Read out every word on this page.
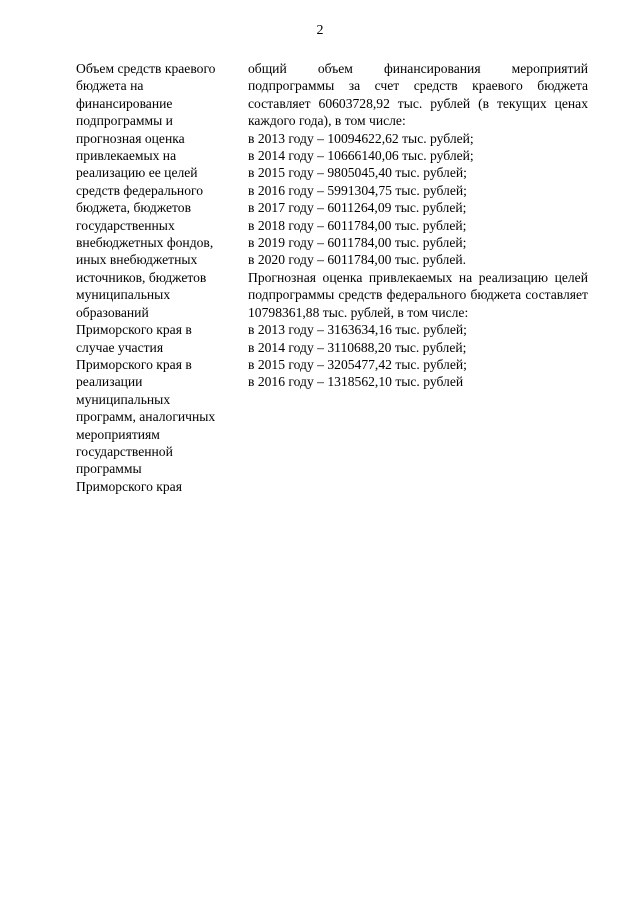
2
Объем средств краевого
бюджета на
финансирование
подпрограммы и
прогнозная оценка
привлекаемых на
реализацию ее целей
средств федерального
бюджета, бюджетов
государственных
внебюджетных фондов,
иных внебюджетных
источников, бюджетов
муниципальных
образований
Приморского края в
случае участия
Приморского края в
реализации
муниципальных
программ, аналогичных
мероприятиям
государственной
программы
Приморского края
общий объем финансирования мероприятий подпрограммы за счет средств краевого бюджета составляет 60603728,92 тыс. рублей (в текущих ценах каждого года), в том числе:
в 2013 году – 10094622,62 тыс. рублей;
в 2014 году – 10666140,06 тыс. рублей;
в 2015 году – 9805045,40 тыс. рублей;
в 2016 году – 5991304,75 тыс. рублей;
в 2017 году – 6011264,09 тыс. рублей;
в 2018 году – 6011784,00 тыс. рублей;
в 2019 году – 6011784,00 тыс. рублей;
в 2020 году – 6011784,00 тыс. рублей.
Прогнозная оценка привлекаемых на реализацию целей подпрограммы средств федерального бюджета составляет 10798361,88 тыс. рублей, в том числе:
в 2013 году – 3163634,16 тыс. рублей;
в 2014 году – 3110688,20 тыс. рублей;
в 2015 году – 3205477,42 тыс. рублей;
в 2016 году – 1318562,10 тыс. рублей
